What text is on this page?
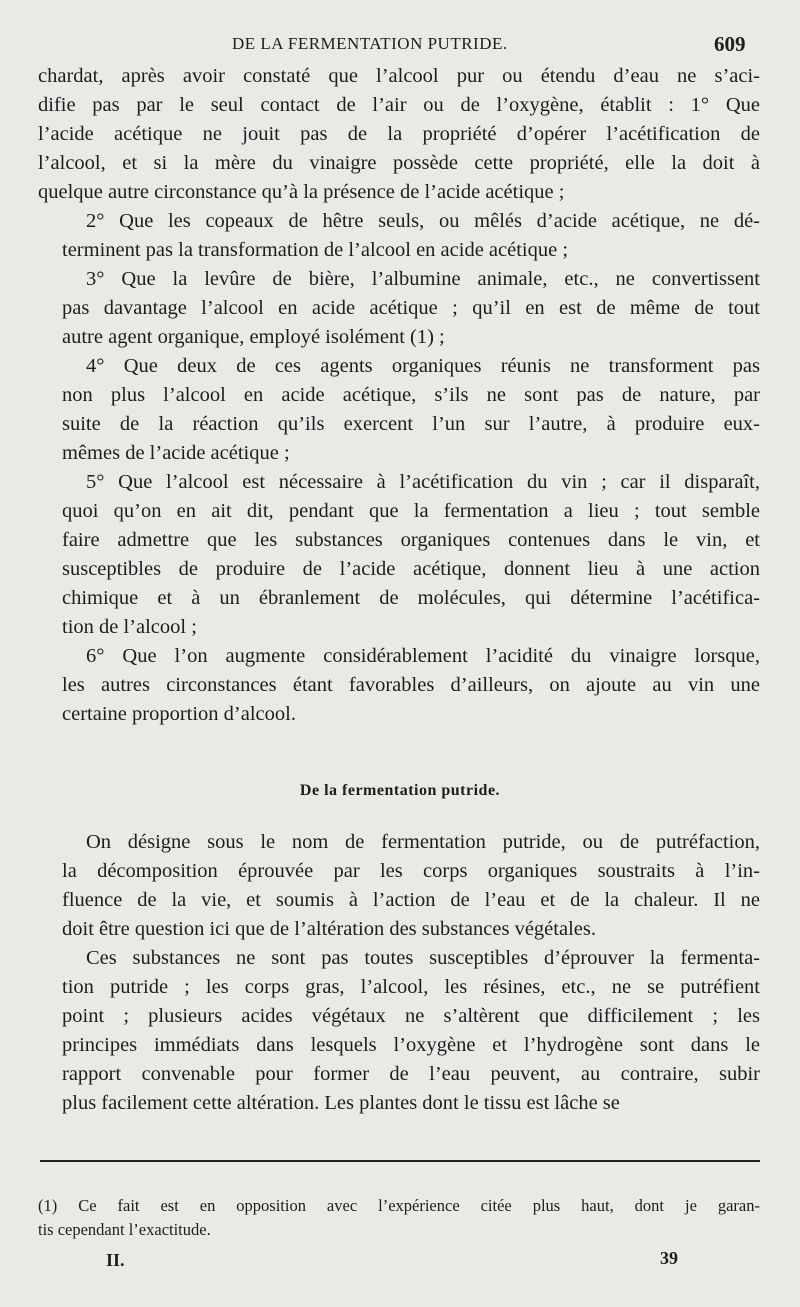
DE LA FERMENTATION PUTRIDE.	609
chardat, après avoir constaté que l’alcool pur ou étendu d’eau ne s’aci-
difie pas par le seul contact de l’air ou de l’oxygène, établit : 1° Que
l’acide acétique ne jouit pas de la propriété d’opérer l’acétification de
l’alcool, et si la mère du vinaigre possède cette propriété, elle la doit à
quelque autre circonstance qu’à la présence de l’acide acétique ;
2° Que les copeaux de hêtre seuls, ou mêlés d’acide acétique, ne dé-
terminent pas la transformation de l’alcool en acide acétique ;
3° Que la levûre de bière, l’albumine animale, etc., ne convertissent
pas davantage l’alcool en acide acétique ; qu’il en est de même de tout
autre agent organique, employé isolément (1) ;
4° Que deux de ces agents organiques réunis ne transforment pas
non plus l’alcool en acide acétique, s’ils ne sont pas de nature, par
suite de la réaction qu’ils exercent l’un sur l’autre, à produire eux-
mêmes de l’acide acétique ;
5° Que l’alcool est nécessaire à l’acétification du vin ; car il disparaît,
quoi qu’on en ait dit, pendant que la fermentation a lieu ; tout semble
faire admettre que les substances organiques contenues dans le vin, et
susceptibles de produire de l’acide acétique, donnent lieu à une action
chimique et à un ébranlement de molécules, qui détermine l’acétifica-
tion de l’alcool ;
6° Que l’on augmente considérablement l’acidité du vinaigre lorsque,
les autres circonstances étant favorables d’ailleurs, on ajoute au vin une
certaine proportion d’alcool.
De la fermentation putride.
On désigne sous le nom de fermentation putride, ou de putréfaction,
la décomposition éprouvée par les corps organiques soustraits à l’in-
fluence de la vie, et soumis à l’action de l’eau et de la chaleur. Il ne
doit être question ici que de l’altération des substances végétales.
Ces substances ne sont pas toutes susceptibles d’éprouver la fermenta-
tion putride ; les corps gras, l’alcool, les résines, etc., ne se putréfient
point ; plusieurs acides végétaux ne s’altèrent que difficilement ; les
principes immédiats dans lesquels l’oxygène et l’hydrogène sont dans le
rapport convenable pour former de l’eau peuvent, au contraire, subir
plus facilement cette altération. Les plantes dont le tissu est lâche se
(1) Ce fait est en opposition avec l’expérience citée plus haut, dont je garan-
tis cependant l’exactitude.
II.	39
